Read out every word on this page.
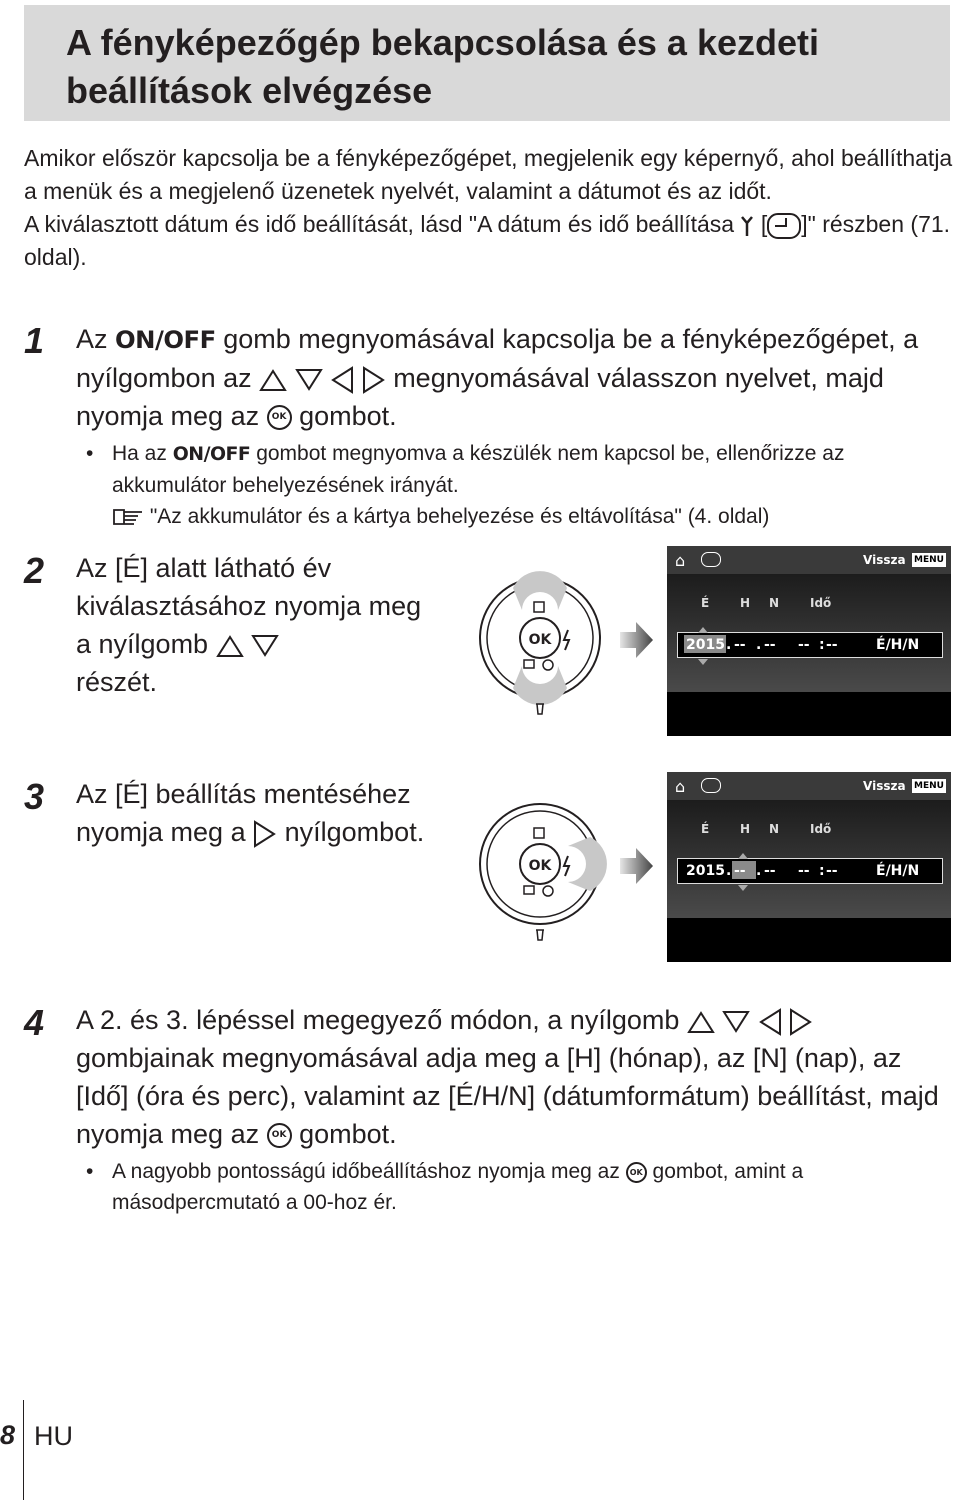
A fényképezőgép bekapcsolása és a kezdeti beállítások elvégzése

Amikor először kapcsolja be a fényképezőgépet, megjelenik egy képernyő, ahol beállíthatja a menük és a megjelenő üzenetek nyelvét, valamint a dátumot és az időt.

A kiválasztott dátum és idő beállítását, lásd "A dátum és idő beállítása [ ]" részben (71. oldal).

1 Az ON/OFF gomb megnyomásával kapcsolja be a fényképezőgépet, a nyílgombon az	megnyomásával válasszon nyelvet, majd nyomja meg az OK gombot.
• Ha az ON/OFF gombot megnyomva a készülék nem kapcsol be, ellenőrizze az akkumulátor behelyezésének irányát.
"Az akkumulátor és a kártya behelyezése és eltávolítása" (4. oldal)
2 Az [É] alatt látható év kiválasztásához nyomja meg a nyílgomb
részét.
OK
⌂	Vissza MENU
É	H N	Idő
2015 . -- . -- -- : --	É/H/N
3 Az [É] beállítás mentéséhez nyomja meg a nyílgombot.
OK
⌂	Vissza MENU
É	H N	Idő
2015 . -- . -- -- : --	É/H/N
4 A 2. és 3. lépéssel megegyező módon, a nyílgomb     gombjainak megnyomásával adja meg a [H] (hónap), az [N] (nap), az [Idő] (óra és perc), valamint az [É/H/N] (dátumformátum) beállítást, majd nyomja meg az OK gombot.
• A nagyobb pontosságú időbeállításhoz nyomja meg az OK gombot, amint a másodpercmutató a 00-hoz ér.
8 HU
